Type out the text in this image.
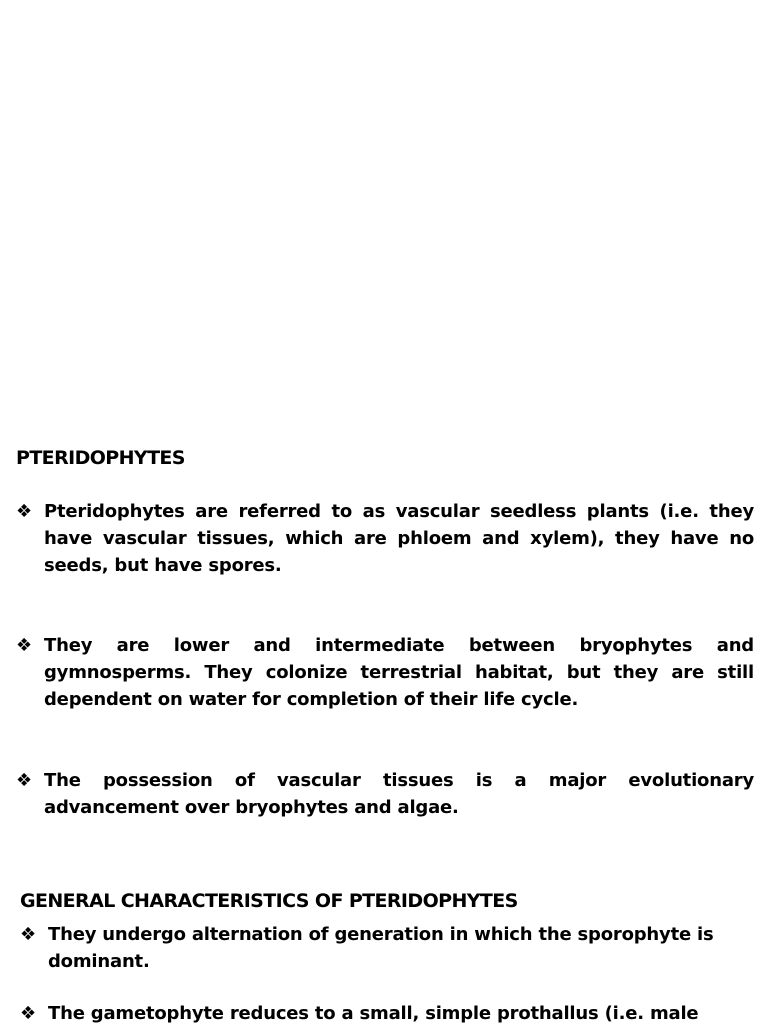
PTERIDOPHYTES
❖ Pteridophytes are referred to as vascular seedless plants (i.e. they have vascular tissues, which are phloem and xylem), they have no seeds, but have spores.
❖ They are lower and intermediate between bryophytes and gymnosperms. They colonize terrestrial habitat, but they are still dependent on water for completion of their life cycle.
❖ The possession of vascular tissues is a major evolutionary advancement over bryophytes and algae.
GENERAL CHARACTERISTICS OF PTERIDOPHYTES
❖ They undergo alternation of generation in which the sporophyte is dominant.
❖ The gametophyte reduces to a small, simple prothallus (i.e. male
